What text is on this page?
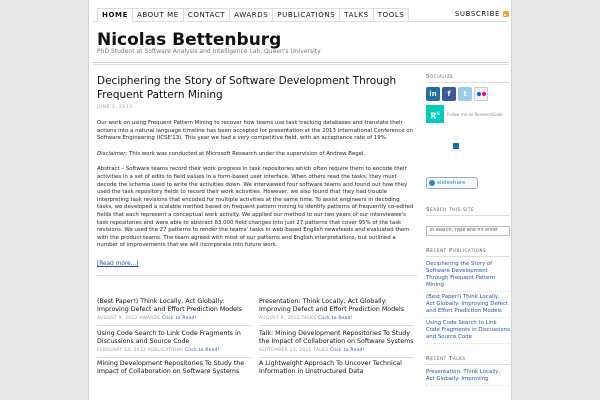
HOME	ABOUT ME	CONTACT	AWARDS	PUBLICATIONS	TALKS	TOOLS	SUBSCRIBE
Nicolas Bettenburg
PhD Student at Software Analysis and Intelligence Lab, Queen's University
Deciphering the Story of Software Development Through Frequent Pattern Mining
JUNE 3, 2013
Our work on using Frequent Pattern Mining to recover how teams use task tracking databases and translate their actions into a natural language timeline has been accepted for presentation at the 2013 International Conference on Software Engineering (ICSE'13). This year we had a very competitive field, with an acceptance rate of 19%.
Disclaimer: This work was conducted at Microsoft Research under the supervision of Andrew Begel.
Abstract – Software teams record their work progress in task repositories which often require them to encode their activities in a set of edits to field values in a form-based user interface. When others read the tasks, they must decode the schema used to write the activities down. We interviewed four software teams and found out how they used the task repository fields to record their work activities. However, we also found that they had trouble interpreting task revisions that encoded for multiple activities at the same time. To assist engineers in decoding tasks, we developed a scalable method based on frequent pattern mining to identify patterns of frequently co-edited fields that each represent a conceptual work activity. We applied our method to our two years of our interviewee's task repositories and were able to abstract 83,000 field changes into just 27 patterns that cover 95% of the task revisions. We used the 27 patterns to render the teams' tasks in web-based English newsfeeds and evaluated them with the product teams. The team agreed with most of our patterns and English interpretations, but outlined a number of improvements that we will incorporate into future work.
[Read more...]
(Best Paper!) Think Locally, Act Globally: Improving Defect and Effort Prediction Models
AUGUST 9, 2012 AWARDS Click to Read!
Presentation: Think Locally, Act Globally: Improving Defect and Effort Prediction Models
AUGUST 9, 2012 TALKS Click to Read!
Using Code Search to Link Code Fragments in Discussions and Source Code
FEBRUARY 18, 2012 PUBLICATIONS Click to Read!
Talk: Mining Development Repositories To Study the Impact of Collaboration on Software Systems
SEPTEMBER 11, 2011 TALKS Click to Read!
Mining Development Repositories To Study the Impact of Collaboration on Software Systems
A Lightweight Approach To Uncover Technical Information in Unstructured Data
Socialize
in	f	t
$R^G$	Follow me on ResearchGate
slideshare
Search this site
To search, type and hit enter
Recent Publications
Deciphering the Story of Software Development Through Frequent Pattern Mining
(Best Paper!) Think Locally, Act Globally: Improving Defect and Effort Prediction Models
Using Code Search to Link Code Fragments in Discussions and Source Code
Recent Talks
Presentation: Think Locally, Act Globally: Improving
